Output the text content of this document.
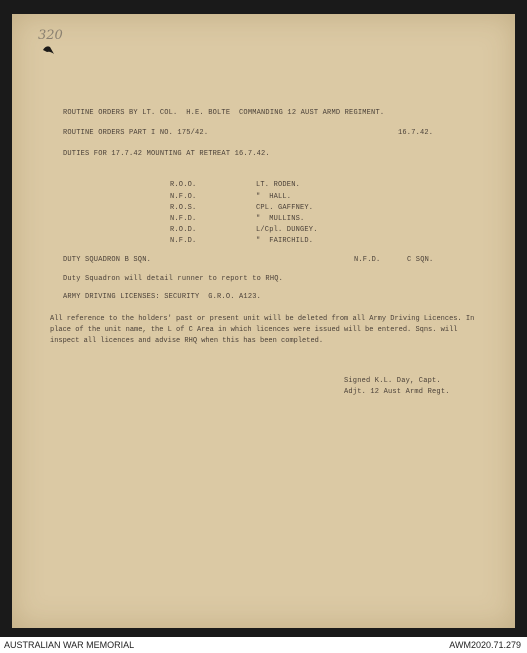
320
ROUTINE ORDERS BY LT. COL.  H.E. BOLTE  COMMANDING 12 AUST ARMD REGIMENT.
ROUTINE ORDERS PART I NO. 175/42.	16.7.42.
DUTIES FOR 17.7.42 MOUNTING AT RETREAT 16.7.42.
R.O.O.	LT. RODEN.
N.F.O.	"  HALL.
R.O.S.	CPL. GAFFNEY.
N.F.D.	"  MULLINS.
R.O.D.	L/Cpl. DUNGEY.
N.F.D.	"  FAIRCHILD.
DUTY SQUADRON B SQN.	N.F.D.	C SQN.
Duty Squadron will detail runner to report to RHQ.
ARMY DRIVING LICENSES: SECURITY  G.R.O. A123.
All reference to the holders' past or present unit will be deleted from all Army Driving Licences. In place of the unit name, the L of C Area in which licences were issued will be entered. Sqns. will inspect all licences and advise RHQ when this has been completed.
Signed K.L. Day, Capt.
Adjt. 12 Aust Armd Regt.
AUSTRALIAN WAR MEMORIAL	AWM2020.71.279
